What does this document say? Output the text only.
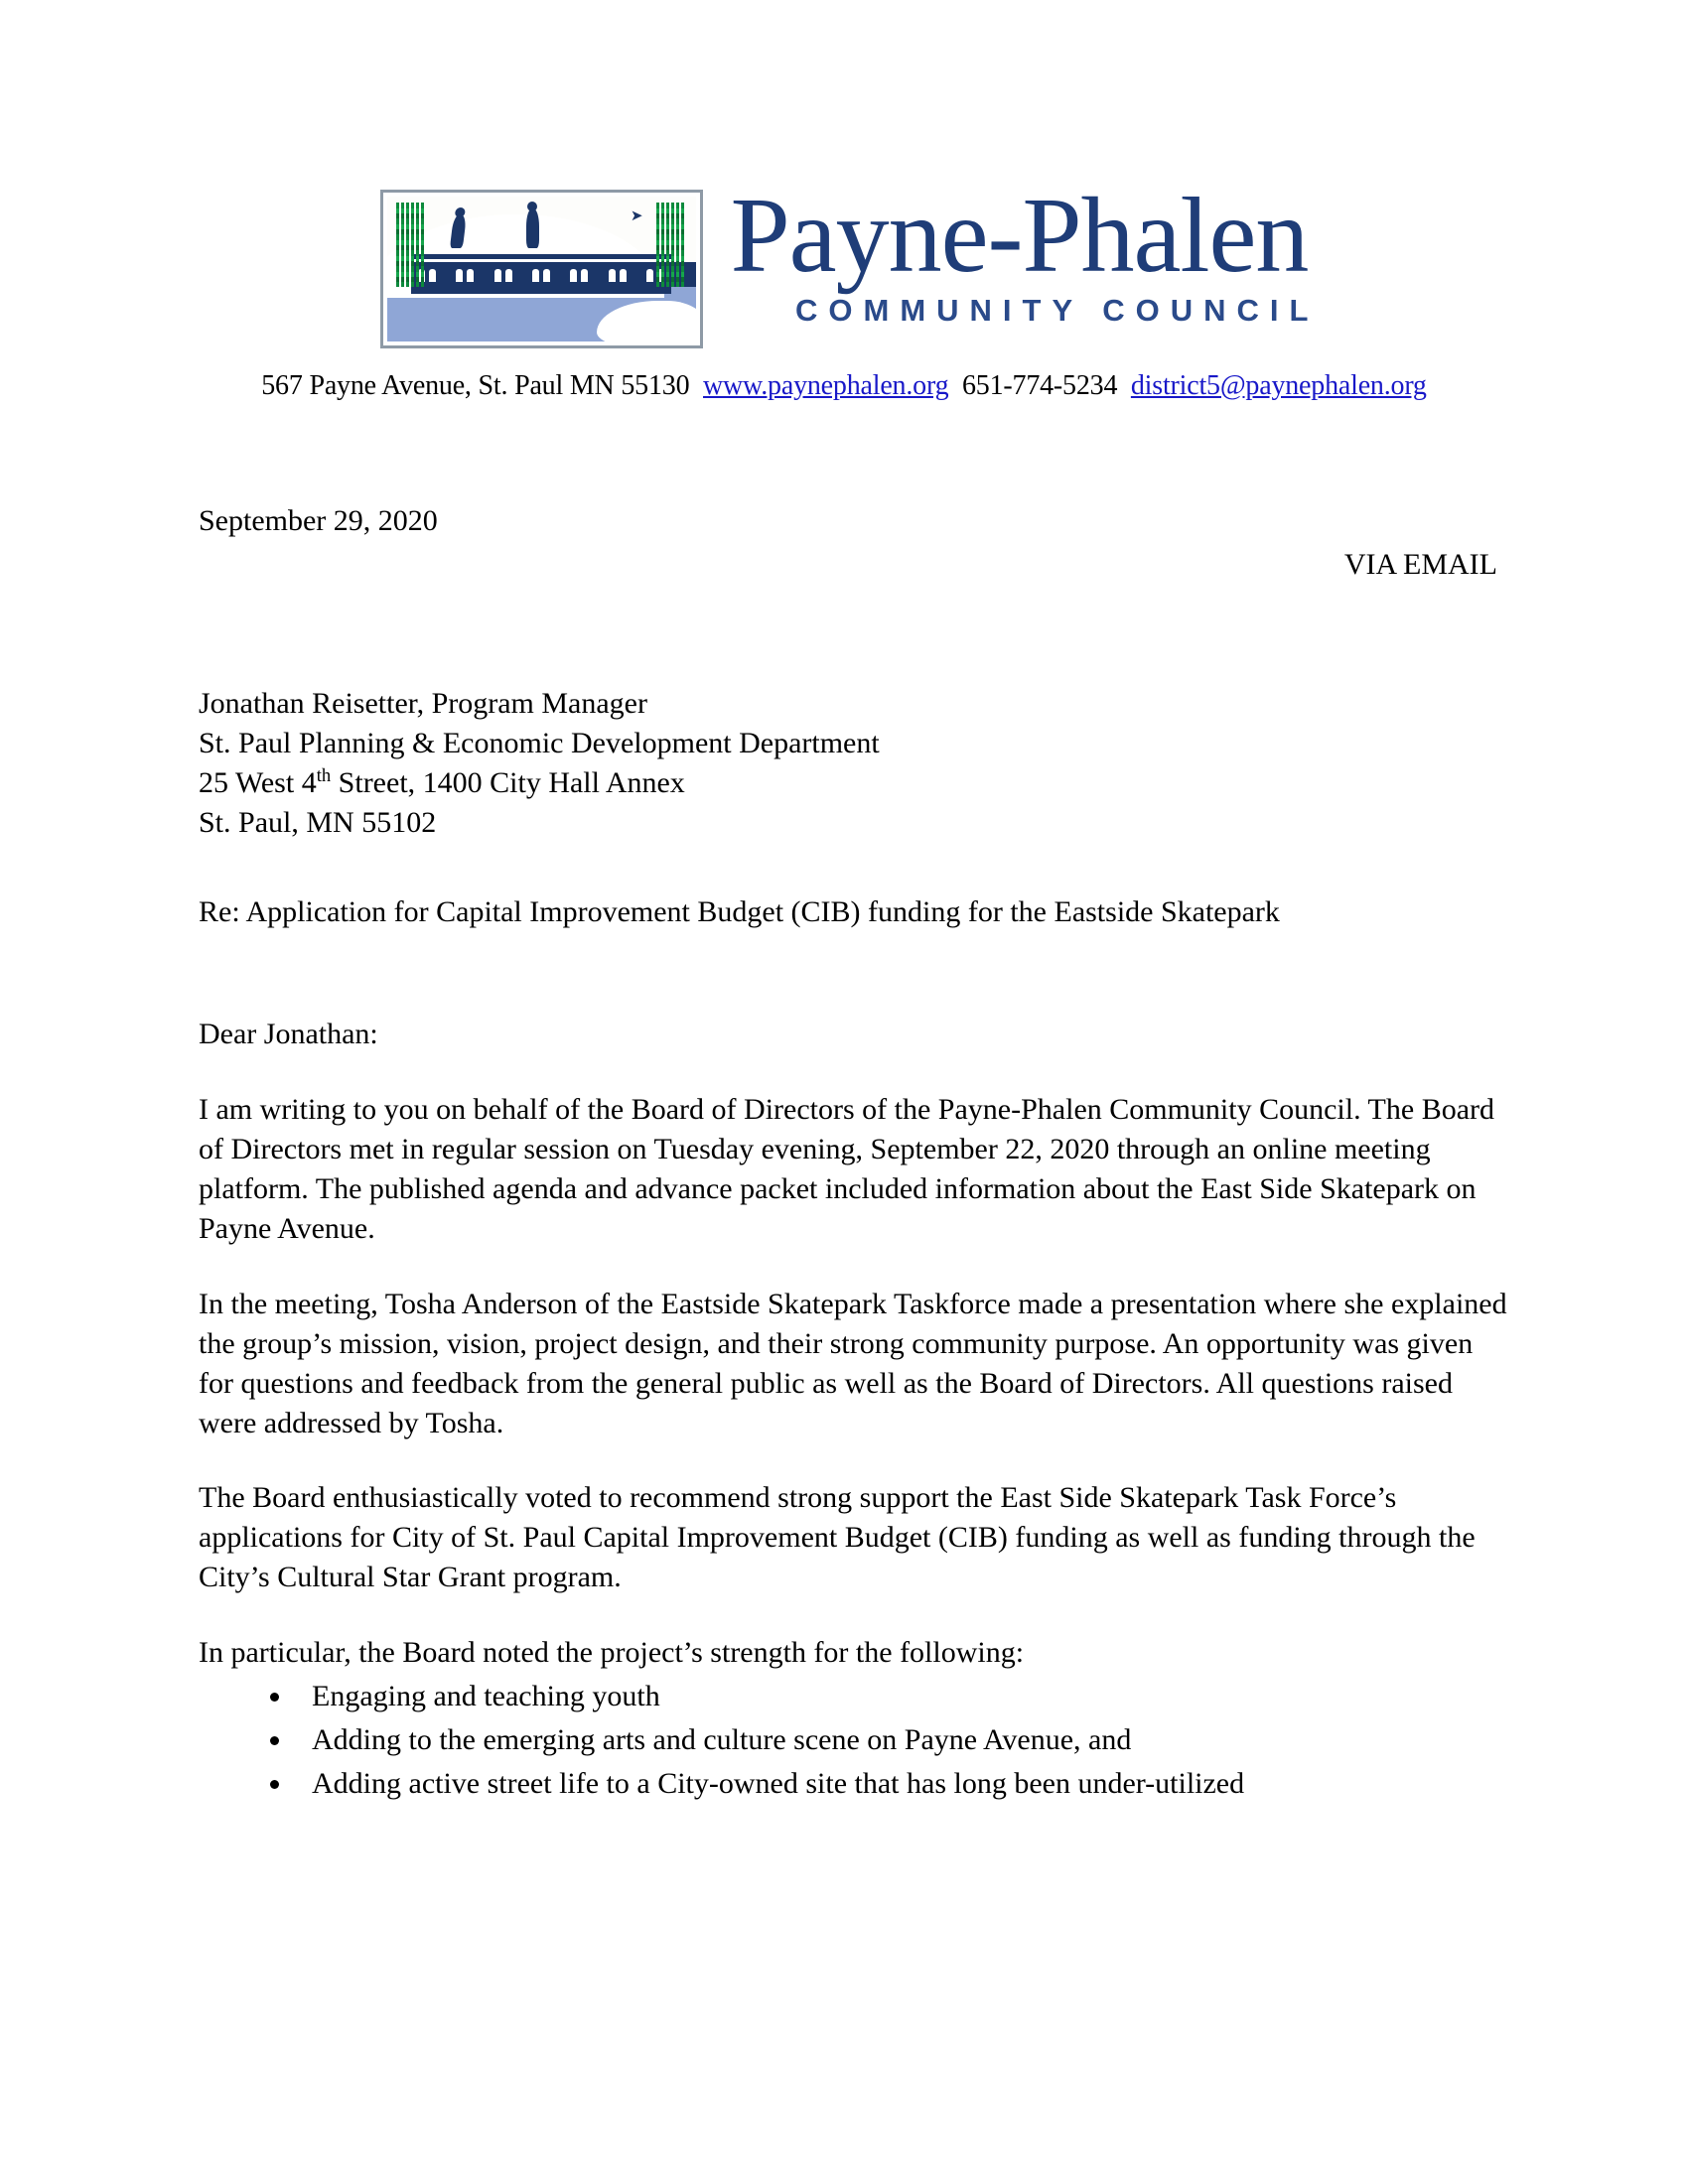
➤ Payne-Phalen
COMMUNITY COUNCIL
567 Payne Avenue, St. Paul MN 55130 www.paynephalen.org 651-774-5234 district5@paynephalen.org
September 29, 2020
VIA EMAIL
Jonathan Reisetter, Program Manager
St. Paul Planning & Economic Development Department
25 West 4th Street, 1400 City Hall Annex
St. Paul, MN 55102
Re: Application for Capital Improvement Budget (CIB) funding for the Eastside Skatepark
Dear Jonathan:

I am writing to you on behalf of the Board of Directors of the Payne-Phalen Community Council. The Board of Directors met in regular session on Tuesday evening, September 22, 2020 through an online meeting platform. The published agenda and advance packet included information about the East Side Skatepark on Payne Avenue.

In the meeting, Tosha Anderson of the Eastside Skatepark Taskforce made a presentation where she explained the group’s mission, vision, project design, and their strong community purpose. An opportunity was given for questions and feedback from the general public as well as the Board of Directors. All questions raised were addressed by Tosha.

The Board enthusiastically voted to recommend strong support the East Side Skatepark Task Force’s applications for City of St. Paul Capital Improvement Budget (CIB) funding as well as funding through the City’s Cultural Star Grant program.

In particular, the Board noted the project’s strength for the following:
Engaging and teaching youth
Adding to the emerging arts and culture scene on Payne Avenue, and
Adding active street life to a City-owned site that has long been under-utilized
